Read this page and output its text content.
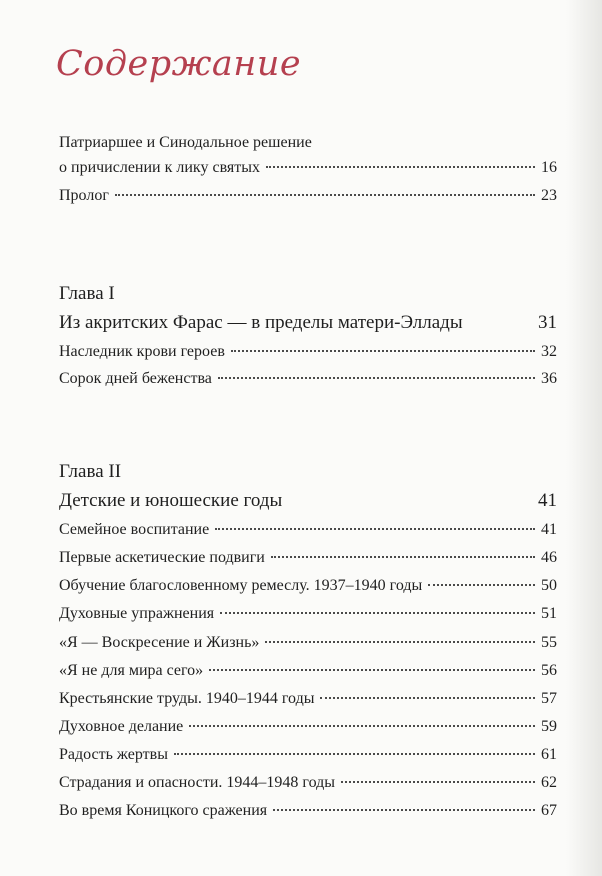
Содержание
Патриаршее и Синодальное решение
о причислении к лику святых	16
Пролог	23
Глава I
Из акритских Фарас — в пределы матери-Эллады	31
Наследник крови героев	32
Сорок дней беженства	36
Глава II
Детские и юношеские годы	41
Семейное воспитание	41
Первые аскетические подвиги	46
Обучение благословенному ремеслу. 1937–1940 годы	50
Духовные упражнения	51
«Я — Воскресение и Жизнь»	55
«Я не для мира сего»	56
Крестьянские труды. 1940–1944 годы	57
Духовное делание	59
Радость жертвы	61
Страдания и опасности. 1944–1948 годы	62
Во время Коницкого сражения	67
